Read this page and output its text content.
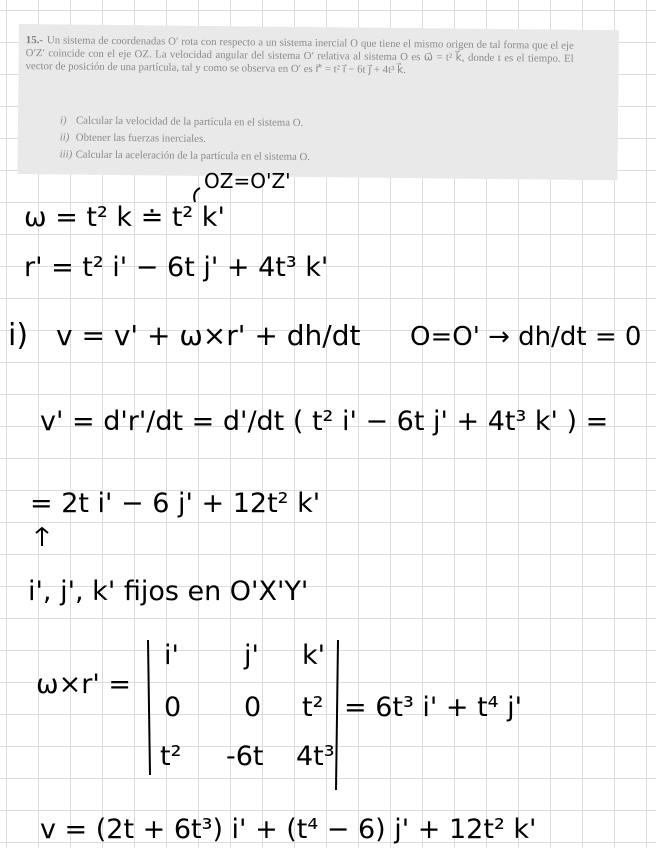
15.- Un sistema de coordenadas O′ rota con respecto a un sistema inercial O que tiene el mismo origen de tal forma que el eje O′Z′ coincide con el eje OZ. La velocidad angular del sistema O′ relativa al sistema O es ω⃗ = t² k⃗, donde t es el tiempo. El vector de posición de una partícula, tal y como se observa en O′ es r⃗′ = t² i⃗ − 6t j⃗ + 4t³ k⃗.
i) Calcular la velocidad de la partícula en el sistema O.
ii) Obtener las fuerzas inerciales.
iii) Calcular la aceleración de la partícula en el sistema O.
OZ=O'Z'
ω = t² k ≐ t² k'
r' = t² i' − 6t j' + 4t³ k'
i) v = v' + ω×r' + dh/dt O=O' → dh/dt = 0
v' = d'r'/dt = d'/dt ( t² i' − 6t j' + 4t³ k' ) =
= 2t i' − 6 j' + 12t² k'
i', j', k' fijos en O'X'Y'
ω×r' =
i' j' k'
0 0 t²
t² -6t 4t³
= 6t³ i' + t⁴ j'
v = (2t + 6t³) i' + (t⁴ − 6) j' + 12t² k'
